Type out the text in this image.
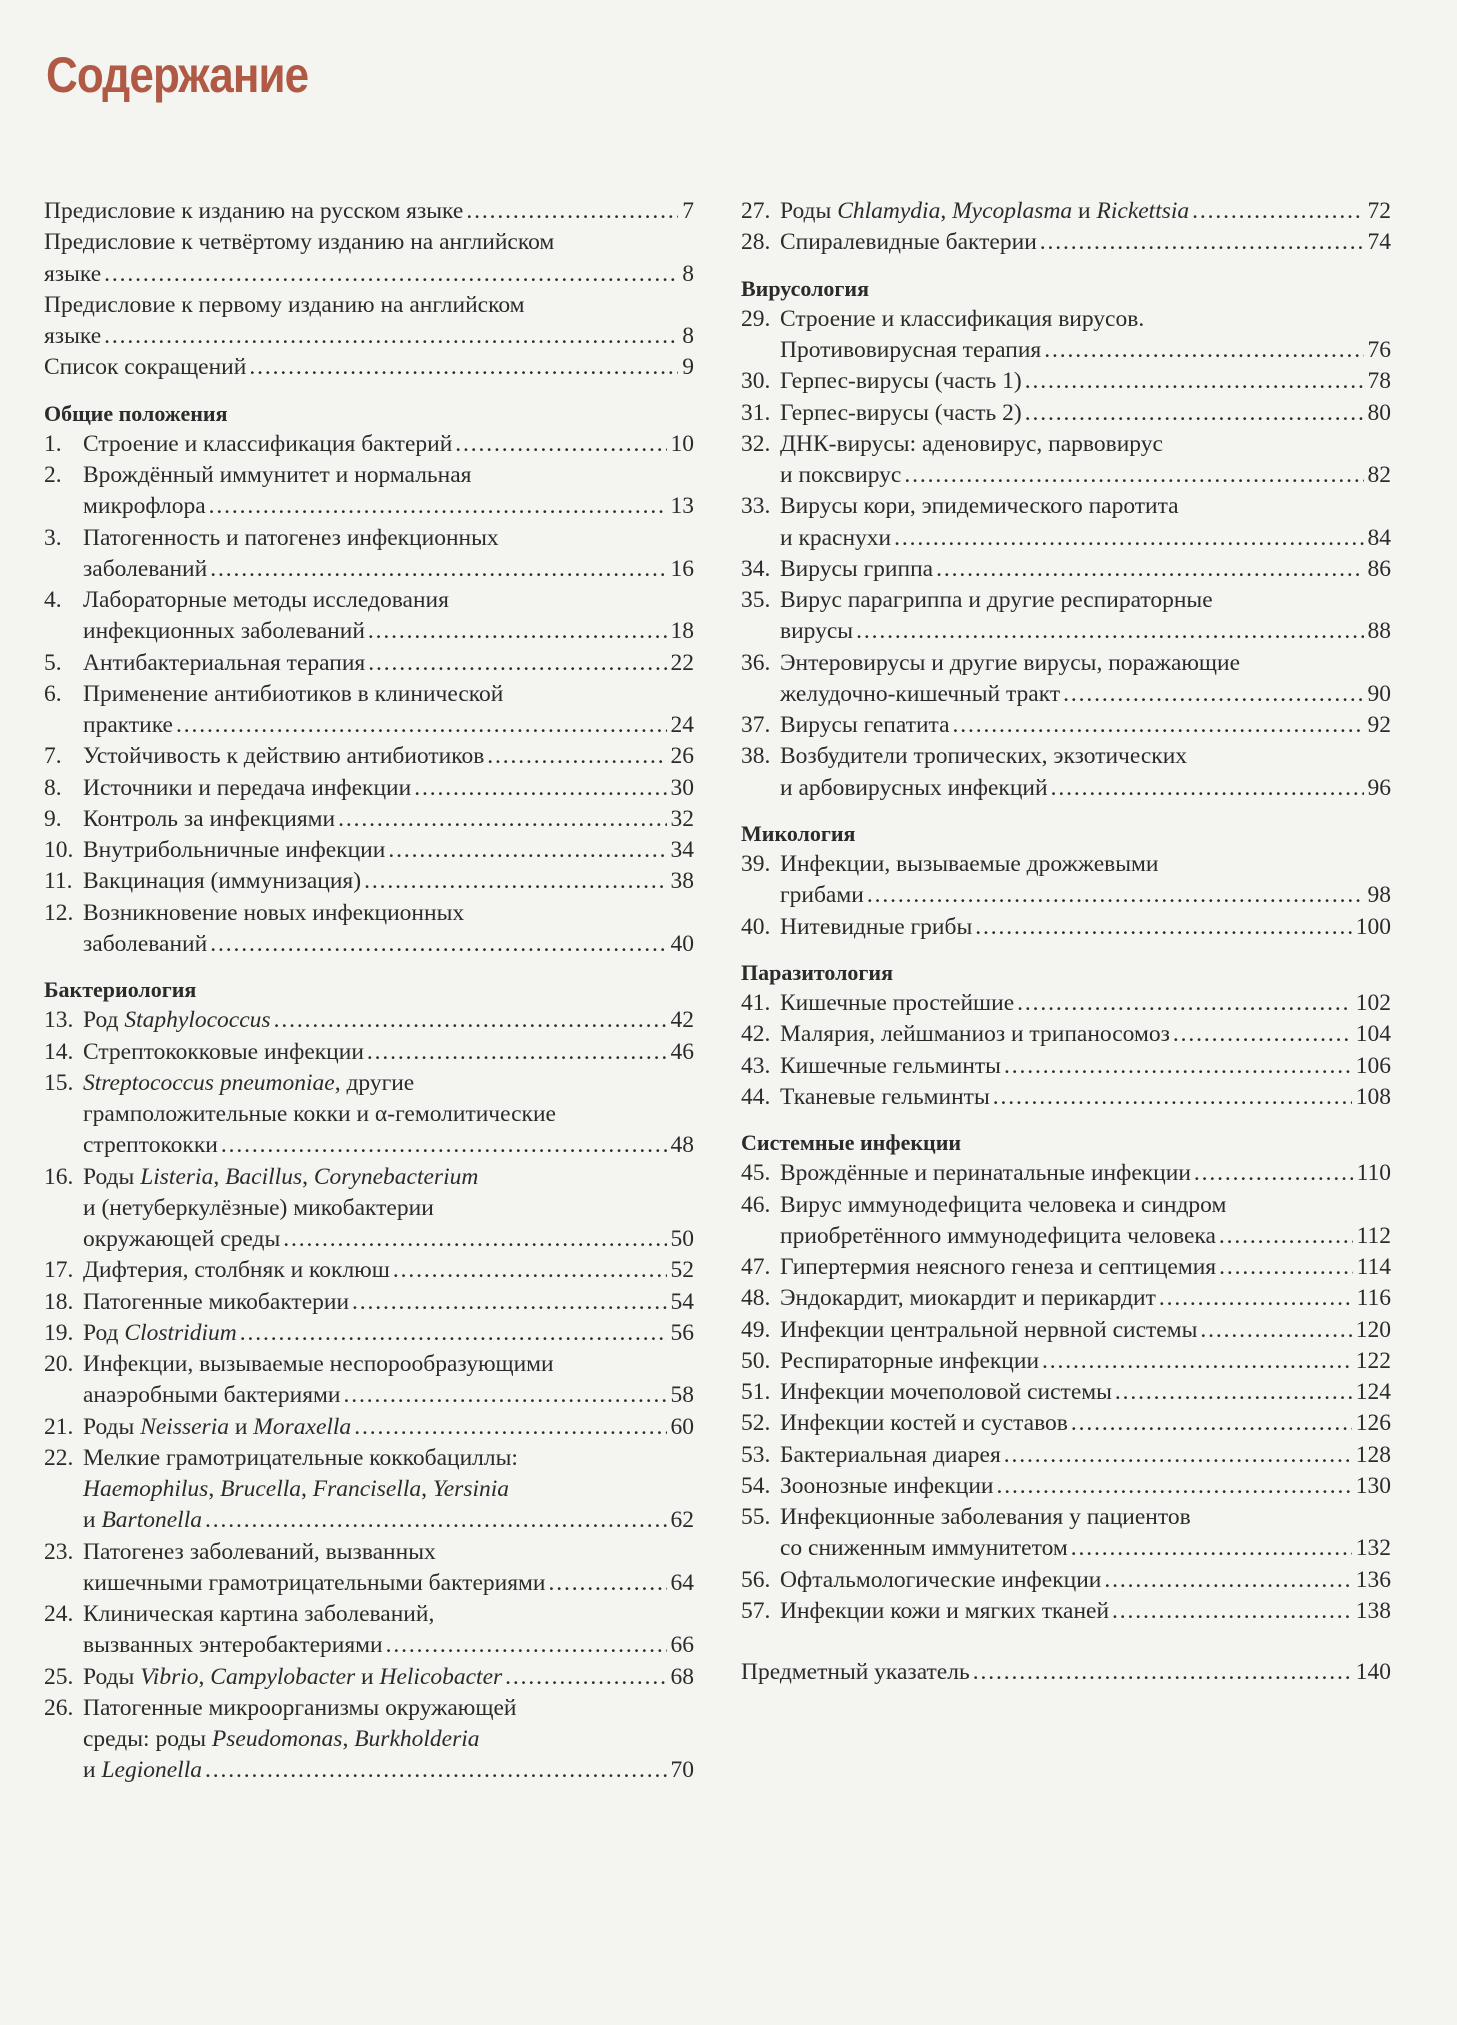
Содержание
Предисловие к изданию на русском языке . . .	7
Предисловие к четвёртому изданию на английском
языке . . .	8
Предисловие к первому изданию на английском
языке . . .	8
Список сокращений . . .	9
Общие положения
1. Строение и классификация бактерий . . .	10
2. Врождённый иммунитет и нормальная
микрофлора . . .	13
3. Патогенность и патогенез инфекционных
заболеваний . . .	16
4. Лабораторные методы исследования
инфекционных заболеваний . . .	18
5. Антибактериальная терапия . . .	22
6. Применение антибиотиков в клинической
практике . . .	24
7. Устойчивость к действию антибиотиков . . .	26
8. Источники и передача инфекции . . .	30
9. Контроль за инфекциями . . .	32
10. Внутрибольничные инфекции . . .	34
11. Вакцинация (иммунизация) . . .	38
12. Возникновение новых инфекционных
заболеваний . . .	40
Бактериология
13. Род Staphylococcus . . .	42
14. Стрептококковые инфекции . . .	46
15. Streptococcus pneumoniae, другие
грамположительные кокки и α-гемолитические
стрептококки . . .	48
16. Роды Listeria, Bacillus, Corynebacterium
и (нетуберкулёзные) микобактерии
окружающей среды . . .	50
17. Дифтерия, столбняк и коклюш . . .	52
18. Патогенные микобактерии . . .	54
19. Род Clostridium . . .	56
20. Инфекции, вызываемые неспорообразующими
анаэробными бактериями . . .	58
21. Роды Neisseria и Moraxella . . .	60
22. Мелкие грамотрицательные коккобациллы:
Haemophilus, Brucella, Francisella, Yersinia
и Bartonella . . .	62
23. Патогенез заболеваний, вызванных
кишечными грамотрицательными бактериями . . .	64
24. Клиническая картина заболеваний,
вызванных энтеробактериями . . .	66
25. Роды Vibrio, Campylobacter и Helicobacter . . .	68
26. Патогенные микроорганизмы окружающей
среды: роды Pseudomonas, Burkholderia
и Legionella . . .	70
27. Роды Chlamydia, Mycoplasma и Rickettsia . . .	72
28. Спиралевидные бактерии . . .	74
Вирусология
29. Строение и классификация вирусов.
Противовирусная терапия . . .	76
30. Герпес-вирусы (часть 1) . . .	78
31. Герпес-вирусы (часть 2) . . .	80
32. ДНК-вирусы: аденовирус, парвовирус
и поксвирус . . .	82
33. Вирусы кори, эпидемического паротита
и краснухи . . .	84
34. Вирусы гриппа . . .	86
35. Вирус парагриппа и другие респираторные
вирусы . . .	88
36. Энтеровирусы и другие вирусы, поражающие
желудочно-кишечный тракт . . .	90
37. Вирусы гепатита . . .	92
38. Возбудители тропических, экзотических
и арбовирусных инфекций . . .	96
Микология
39. Инфекции, вызываемые дрожжевыми
грибами . . .	98
40. Нитевидные грибы . . .	100
Паразитология
41. Кишечные простейшие . . .	102
42. Малярия, лейшманиоз и трипаносомоз . . .	104
43. Кишечные гельминты . . .	106
44. Тканевые гельминты . . .	108
Системные инфекции
45. Врождённые и перинатальные инфекции . . .	110
46. Вирус иммунодефицита человека и синдром
приобретённого иммунодефицита человека . . .	112
47. Гипертермия неясного генеза и септицемия . . .	114
48. Эндокардит, миокардит и перикардит . . .	116
49. Инфекции центральной нервной системы . . .	120
50. Респираторные инфекции . . .	122
51. Инфекции мочеполовой системы . . .	124
52. Инфекции костей и суставов . . .	126
53. Бактериальная диарея . . .	128
54. Зоонозные инфекции . . .	130
55. Инфекционные заболевания у пациентов
со сниженным иммунитетом . . .	132
56. Офтальмологические инфекции . . .	136
57. Инфекции кожи и мягких тканей . . .	138
Предметный указатель . . .	140
